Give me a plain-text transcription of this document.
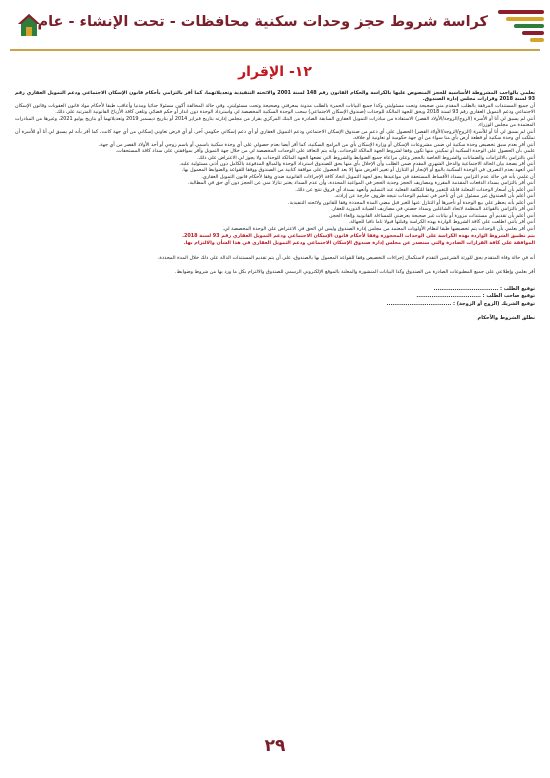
كراسة شروط حجز وحدات سكنية محافظات - تحت الإنشاء - عام
١٢- الإقرار

بعلمي بالواجب المشروطة الأساسية للحجز المنصوص عليها بالكراسة والحكام القانون رقم 148 لسنة 2001 والائحته التنفيذية وتعديلاتهما، كما أقر بالتزامي بأحكام قانون الإسكان الاجتماعي ودعم التمويل العقاري رقم 93 لسنة 2018 وقرارات مجلس إدارة الصندوق.

أن جميع المستندات المرفقة بالطلب المقدم مني صحيحة وتحت مسئوليتي وكذا جميع البيانات الحمرة بالطلب مدونة بمعرفتي وصحيحة وتحت مسئوليتي، وفي حالة المخالفة أكون مسئولا جنائيا ومدنيا وأعاقب طبقا لأحكام مواد قانون العقوبات وقانون الإسكان الاجتماعي ودعم التمويل العقاري رقم 93 لسنة 2018 ويحق للجهة المالكة للوحدات (صندوق الإسكان الاجتماعي) سحب الوحدة السكنية المخصصة لي واسترداد الوحدة دون انذار أو حكم قضائي وتلغى كافة الأرباح القانونية المترتبة على ذلك.

أنني لم يسبق لي أنا أو الأسرة (الزوج/الزوجة/الأولاد القصر) الاستفادة من مبادرات التمويل العقاري السابقة الصادرة من البنك المركزي بقرار من مجلس إدارته بتاريخ فبراير 2014 أو بتاريخ ديسمبر 2019 وتعديلاتهما أو بتاريخ يوليو 2021، وغيرها من المبادرات المعتمدة من مجلس الوزراء.

أنني لم يسبق لي أنا أو للأسرة (الزوج/الزوجة/الأولاد القصر) الحصول على أي دعم من صندوق الإسكان الاجتماعي ودعم التمويل العقاري أو أي دعم إسكاني حكومي آخر، أو أي قرض تعاوني إسكاني من أي جهة كانت، كما أقر بأنه لم يسبق لي أنا أو للأسرة أن تملكت أي وحدة سكنية أو قطعة أرض بأي منا سواء من أي جهة حكومية أو تعاونية أو خلافه.

أنني أقر بعدم سبق تخصيص وحدة سكنية لي ضمن مشروعات الإسكان أو وزارة الإسكان بأي من البرامج السكنية، كما أقر أيضا بعدم حصولي على أي وحدة سكنية باسمي أو باسم زوجي أو أحد الأولاد القصر من أي جهة.

علمي بأن الحصول على الوحدة السكنية أو تمكيني منها تكون وفقا لشروط الجهة المالكة للوحدات، وأنه يتم التعاقد على الوحدات المخصصة لي من خلال جهة التمويل وأقر بموافقتي على سداد كافة المستحقات.

أنني بالتزامي بالالتزامات والضمانات والشروط الخاصة بالحجز وعلى مراعاة جميع الضوابط والشروط التي تضعها الجهة المالكة للوحدات ولا يجوز لي الاعتراض على ذلك.

أنني أقر بصحة بيان الحالة الاجتماعية والدخل الشهري المقدم ضمن الطلب وأن الإخلال بأي منها يحق للصندوق استرداد الوحدة والمبالغ المدفوعة بالكامل دون أدنى مسئولية عليه.

أنني أتعهد بعدم التصرف في الوحدة السكنية بالبيع أو الإيجار أو التنازل أو تغيير الغرض منها إلا بعد الحصول على موافقة كتابية من الصندوق ووفقا للقواعد والضوابط المعمول بها.

أن علمي بأنه في حالة عدم التزامي بسداد الأقساط المستحقة في مواعيدها يحق لجهة التمويل اتخاذ كافة الإجراءات القانونية ضدي وفقا لأحكام قانون التمويل العقاري.

أنني أقر بالتزامي بسداد الدفعات المقدمة المقررة ومصاريف الحجز وجدية الحجز في المواعيد المحددة، وأن عدم السداد يعتبر تنازلا مني عن الحجز دون أي حق في المطالبة.

أنني أعلم بأن أسعار الوحدات المعلنة قابلة للتغيير وفقا للتكلفة الفعلية عند التسليم وأتعهد بسداد أي فروق تنتج عن ذلك.

أنني أعلم بأن الصندوق غير مسئول عن أي تأخير في تسليم الوحدات نتيجة ظروف خارجة عن إرادته.

أنني أعلم بأنه يحظر علي بيع الوحدة أو تأجيرها أو التنازل عنها للغير قبل مضي المدة المحددة وفقا للقانون ولائحته التنفيذية.

أنني أقر بالتزامي بالقواعد المنظمة لاتحاد الشاغلين وسداد حصتي في مصاريف الصيانة الدورية للعقار.

أنني أعلم بأن تقديم أي مستندات مزورة أو بيانات غير صحيحة يعرضني للمساءلة القانونية وإلغاء الحجز.

أنني أقر بأنني اطلعت على كافة الشروط الواردة بهذه الكراسة وقبلتها قبولا تاما نافيا للجهالة.

أنني أقر بعلمي بأن الوحدات يتم تخصيصها طبقا لنظام الأولويات المعتمد من مجلس إدارة الصندوق وليس لي الحق في الاعتراض على الوحدة المخصصة لي.

يتم تطبيق الشروط الواردة بهذه الكراسة على الوحدات المحجوزة وفقا لأحكام قانون الإسكان الاجتماعي ودعم التمويل العقاري رقم 93 لسنة 2018.

الموافقة على كافة القرارات الصادرة والتي ستصدر عن مجلس إدارة صندوق الإسكان الاجتماعي ودعم التمويل العقاري في هذا الشأن والالتزام بها.

أنه في حالة وفاة المتقدم يحق للورثة الشرعيين التقدم لاستكمال إجراءات التخصيص وفقا للقواعد المعمول بها بالصندوق، على أن يتم تقديم المستندات الدالة على ذلك خلال المدة المحددة.

أقر بعلمي وإطلاعي على جميع المطبوعات الصادرة من الصندوق وكذا البيانات المنشورة والمعلنة بالموقع الإلكتروني الرسمي للصندوق والالتزام بكل ما ورد بها من شروط وضوابط.

توقيع الطلب : ..................................
توقيع صاحب الطلب : ..................................
توقيع الشريك (الزوج أو الزوجة) : ..................................
نطلق الشروط والأحكام
٢٩
